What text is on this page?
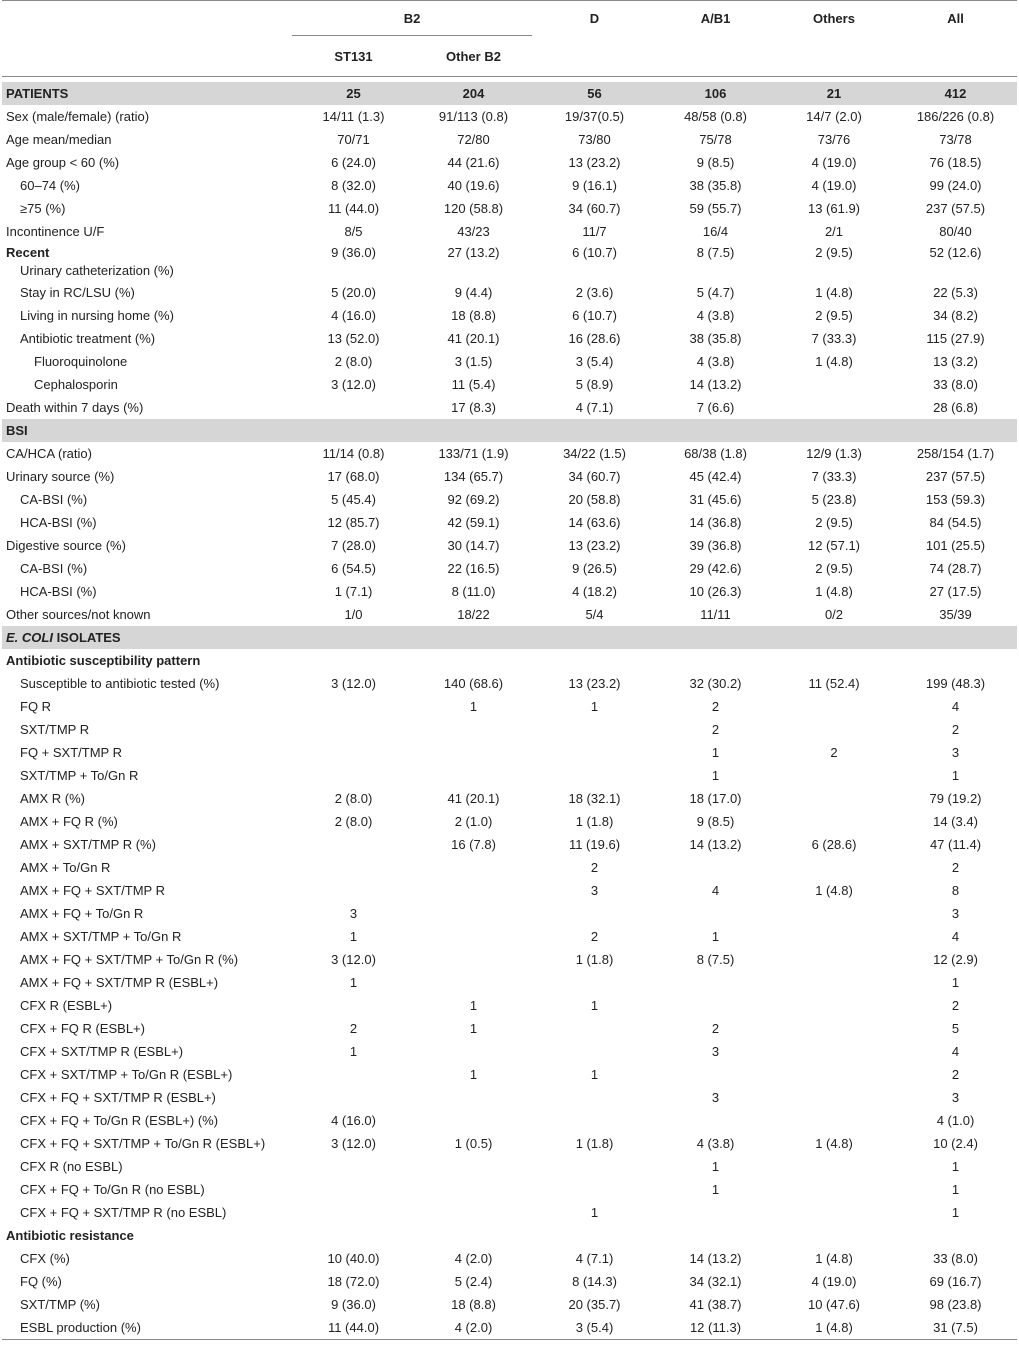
	B2		D	A/B1	Others	All
	ST131	Other B2				

PATIENTS	25	204	56	106	21	412
Sex (male/female) (ratio)	14/11 (1.3)	91/113 (0.8)	19/37(0.5)	48/58 (0.8)	14/7 (2.0)	186/226 (0.8)
Age mean/median	70/71	72/80	73/80	75/78	73/76	73/78
Age group < 60 (%)	6 (24.0)	44 (21.6)	13 (23.2)	9 (8.5)	4 (19.0)	76 (18.5)
60–74 (%)	8 (32.0)	40 (19.6)	9 (16.1)	38 (35.8)	4 (19.0)	99 (24.0)
≥75 (%)	11 (44.0)	120 (58.8)	34 (60.7)	59 (55.7)	13 (61.9)	237 (57.5)
Incontinence U/F	8/5	43/23	11/7	16/4	2/1	80/40

Recent
Urinary catheterization (%)	9 (36.0)	27 (13.2)	6 (10.7)	8 (7.5)	2 (9.5)	52 (12.6)
Stay in RC/LSU (%)	5 (20.0)	9 (4.4)	2 (3.6)	5 (4.7)	1 (4.8)	22 (5.3)
Living in nursing home (%)	4 (16.0)	18 (8.8)	6 (10.7)	4 (3.8)	2 (9.5)	34 (8.2)
Antibiotic treatment (%)	13 (52.0)	41 (20.1)	16 (28.6)	38 (35.8)	7 (33.3)	115 (27.9)
Fluoroquinolone	2 (8.0)	3 (1.5)	3 (5.4)	4 (3.8)	1 (4.8)	13 (3.2)
Cephalosporin	3 (12.0)	11 (5.4)	5 (8.9)	14 (13.2)		33 (8.0)
Death within 7 days (%)		17 (8.3)	4 (7.1)	7 (6.6)		28 (6.8)
BSI						
CA/HCA (ratio)	11/14 (0.8)	133/71 (1.9)	34/22 (1.5)	68/38 (1.8)	12/9 (1.3)	258/154 (1.7)
Urinary source (%)	17 (68.0)	134 (65.7)	34 (60.7)	45 (42.4)	7 (33.3)	237 (57.5)
CA-BSI (%)	5 (45.4)	92 (69.2)	20 (58.8)	31 (45.6)	5 (23.8)	153 (59.3)
HCA-BSI (%)	12 (85.7)	42 (59.1)	14 (63.6)	14 (36.8)	2 (9.5)	84 (54.5)
Digestive source (%)	7 (28.0)	30 (14.7)	13 (23.2)	39 (36.8)	12 (57.1)	101 (25.5)
CA-BSI (%)	6 (54.5)	22 (16.5)	9 (26.5)	29 (42.6)	2 (9.5)	74 (28.7)
HCA-BSI (%)	1 (7.1)	8 (11.0)	4 (18.2)	10 (26.3)	1 (4.8)	27 (17.5)
Other sources/not known	1/0	18/22	5/4	11/11	0/2	35/39
E. COLI ISOLATES						
Antibiotic susceptibility pattern						
Susceptible to antibiotic tested (%)	3 (12.0)	140 (68.6)	13 (23.2)	32 (30.2)	11 (52.4)	199 (48.3)
FQ R		1	1	2		4
SXT/TMP R				2		2
FQ + SXT/TMP R				1	2	3
SXT/TMP + To/Gn R				1		1
AMX R (%)	2 (8.0)	41 (20.1)	18 (32.1)	18 (17.0)		79 (19.2)
AMX + FQ R (%)	2 (8.0)	2 (1.0)	1 (1.8)	9 (8.5)		14 (3.4)
AMX + SXT/TMP R (%)		16 (7.8)	11 (19.6)	14 (13.2)	6 (28.6)	47 (11.4)
AMX + To/Gn R			2			2
AMX + FQ + SXT/TMP R			3	4	1 (4.8)	8
AMX + FQ + To/Gn R	3					3
AMX + SXT/TMP + To/Gn R	1		2	1		4
AMX + FQ + SXT/TMP + To/Gn R (%)	3 (12.0)		1 (1.8)	8 (7.5)		12 (2.9)
AMX + FQ + SXT/TMP R (ESBL+)	1					1
CFX R (ESBL+)		1	1			2
CFX + FQ R (ESBL+)	2	1		2		5
CFX + SXT/TMP R (ESBL+)	1			3		4
CFX + SXT/TMP + To/Gn R (ESBL+)		1	1			2
CFX + FQ + SXT/TMP R (ESBL+)				3		3
CFX + FQ + To/Gn R (ESBL+) (%)	4 (16.0)					4 (1.0)
CFX + FQ + SXT/TMP + To/Gn R (ESBL+)	3 (12.0)	1 (0.5)	1 (1.8)	4 (3.8)	1 (4.8)	10 (2.4)
CFX R (no ESBL)				1		1
CFX + FQ + To/Gn R (no ESBL)				1		1
CFX + FQ + SXT/TMP R (no ESBL)			1			1
Antibiotic resistance						
CFX (%)	10 (40.0)	4 (2.0)	4 (7.1)	14 (13.2)	1 (4.8)	33 (8.0)
FQ (%)	18 (72.0)	5 (2.4)	8 (14.3)	34 (32.1)	4 (19.0)	69 (16.7)
SXT/TMP (%)	9 (36.0)	18 (8.8)	20 (35.7)	41 (38.7)	10 (47.6)	98 (23.8)
ESBL production (%)	11 (44.0)	4 (2.0)	3 (5.4)	12 (11.3)	1 (4.8)	31 (7.5)
